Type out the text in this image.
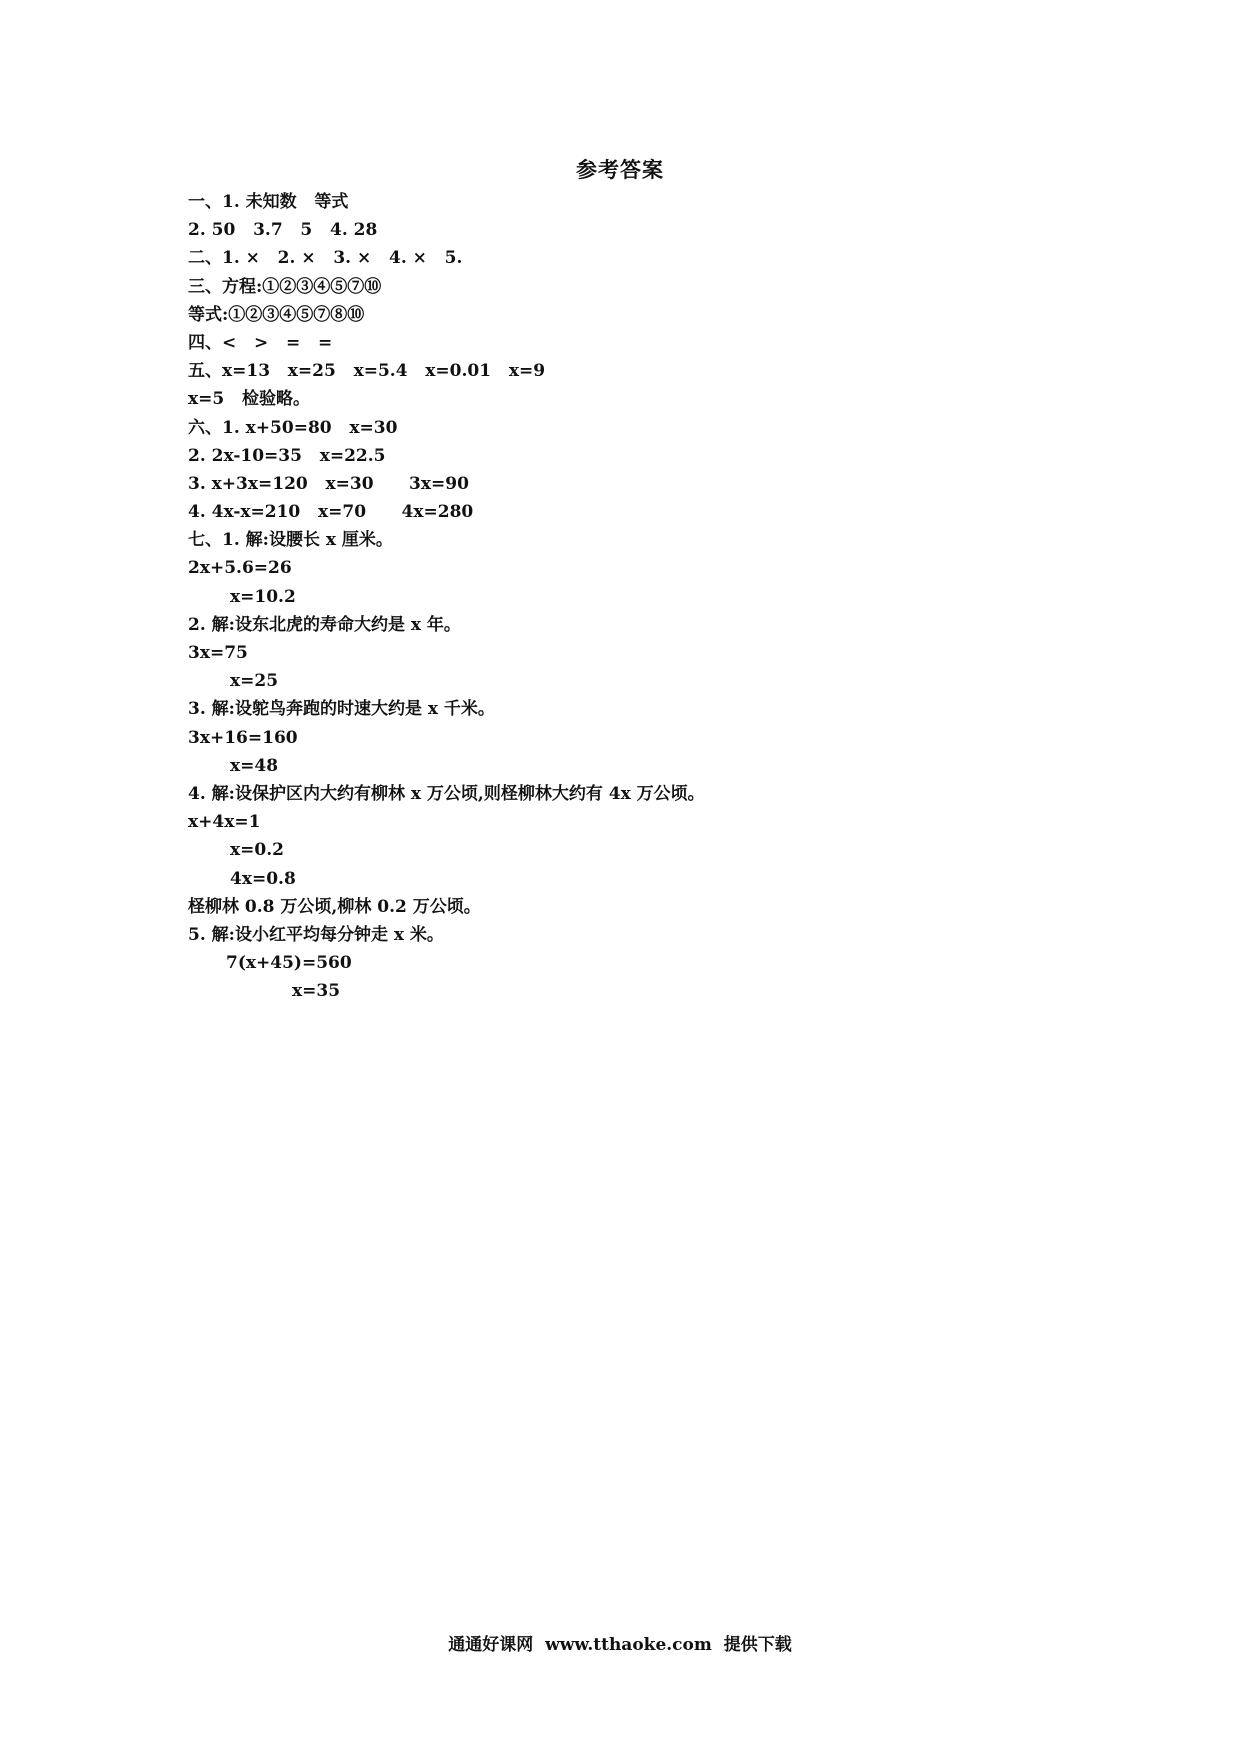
参考答案
一、1. 未知数   等式
2. 50   3.7   5   4. 28
二、1. ×   2. ×   3. ×   4. ×   5.
三、方程:①②③④⑤⑦⑩
等式:①②③④⑤⑦⑧⑩
四、<   >   =   =
五、x=13   x=25   x=5.4   x=0.01   x=9
x=5   检验略。
六、1. x+50=80   x=30
2. 2x-10=35   x=22.5
3. x+3x=120   x=30      3x=90
4. 4x-x=210   x=70      4x=280
七、1. 解:设腰长 x 厘米。
2x+5.6=26
x=10.2
2. 解:设东北虎的寿命大约是 x 年。
3x=75
x=25
3. 解:设鸵鸟奔跑的时速大约是 x 千米。
3x+16=160
x=48
4. 解:设保护区内大约有柳林 x 万公顷,则柽柳林大约有 4x 万公顷。
x+4x=1
x=0.2
4x=0.8
柽柳林 0.8 万公顷,柳林 0.2 万公顷。
5. 解:设小红平均每分钟走 x 米。
7(x+45)=560
x=35
通通好课网  www.tthaoke.com  提供下载
